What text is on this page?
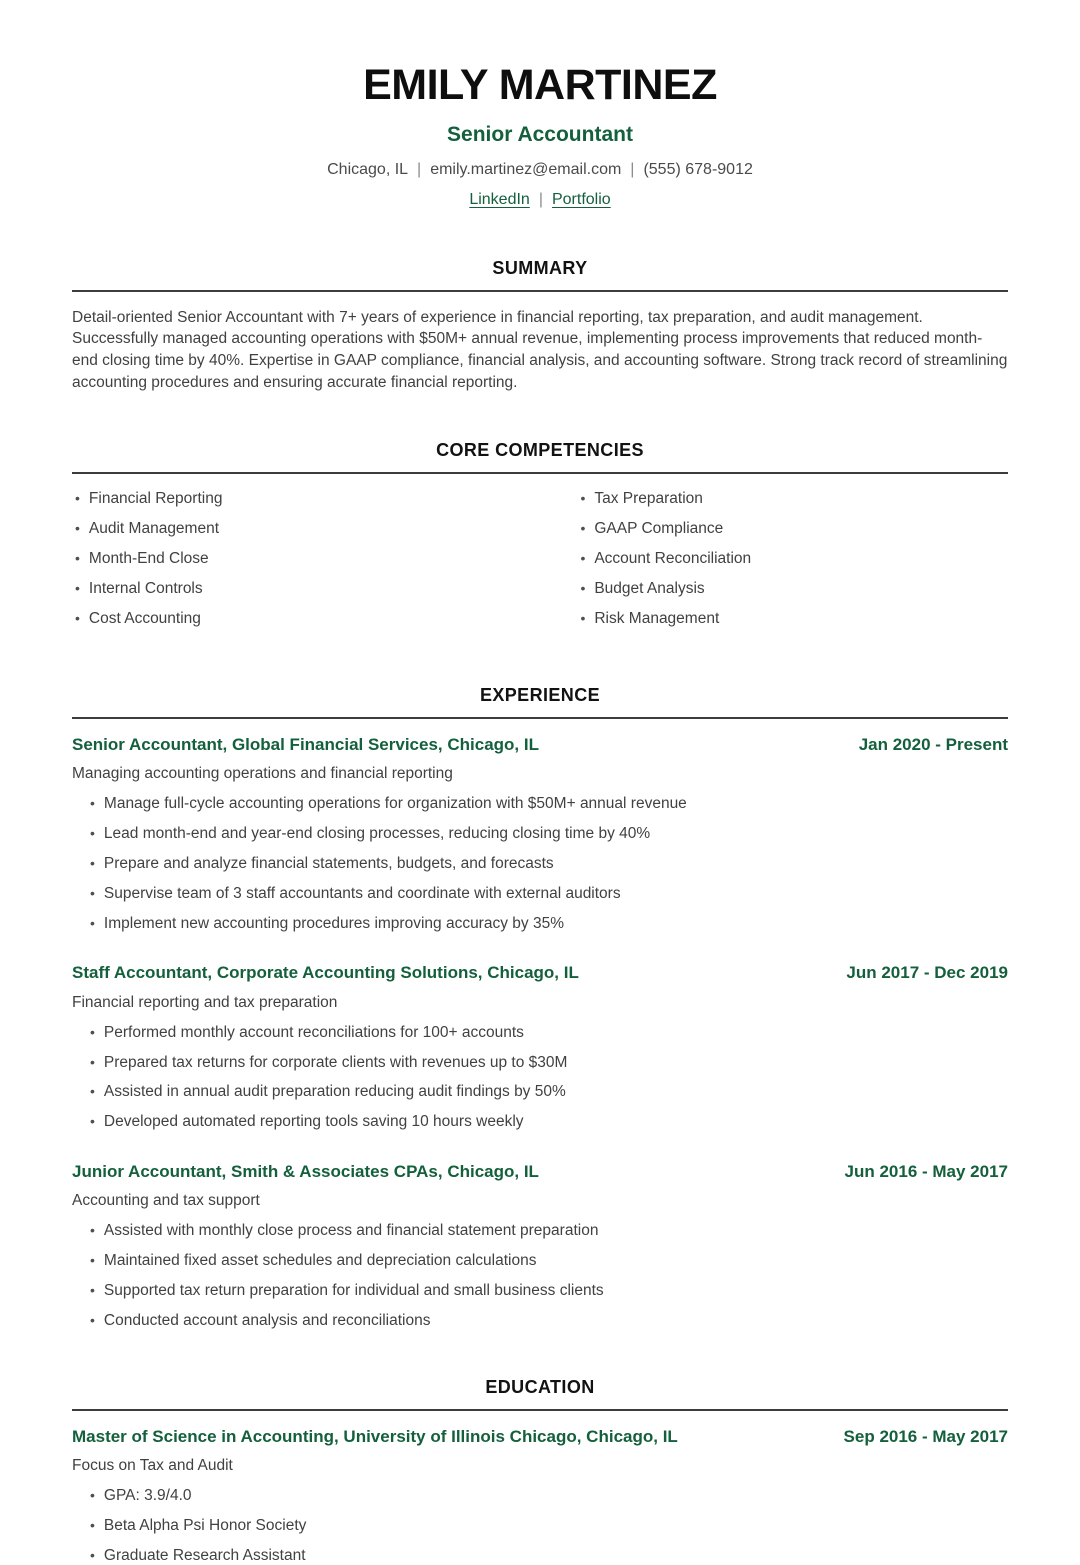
EMILY MARTINEZ
Senior Accountant

Chicago, IL | emily.martinez@email.com | (555) 678-9012

LinkedIn | Portfolio

SUMMARY

Detail-oriented Senior Accountant with 7+ years of experience in financial reporting, tax preparation, and audit management. Successfully managed accounting operations with $50M+ annual revenue, implementing process improvements that reduced month-end closing time by 40%. Expertise in GAAP compliance, financial analysis, and accounting software. Strong track record of streamlining accounting procedures and ensuring accurate financial reporting.

CORE COMPETENCIES
• Financial Reporting
• Audit Management
• Month-End Close
• Internal Controls
• Cost Accounting
• Tax Preparation
• GAAP Compliance
• Account Reconciliation
• Budget Analysis
• Risk Management
EXPERIENCE
Senior Accountant, Global Financial Services, Chicago, IL	Jan 2020 - Present

Managing accounting operations and financial reporting

• Manage full-cycle accounting operations for organization with $50M+ annual revenue
• Lead month-end and year-end closing processes, reducing closing time by 40%
• Prepare and analyze financial statements, budgets, and forecasts
• Supervise team of 3 staff accountants and coordinate with external auditors
• Implement new accounting procedures improving accuracy by 35%
Staff Accountant, Corporate Accounting Solutions, Chicago, IL	Jun 2017 - Dec 2019

Financial reporting and tax preparation

• Performed monthly account reconciliations for 100+ accounts
• Prepared tax returns for corporate clients with revenues up to $30M
• Assisted in annual audit preparation reducing audit findings by 50%
• Developed automated reporting tools saving 10 hours weekly
Junior Accountant, Smith & Associates CPAs, Chicago, IL	Jun 2016 - May 2017

Accounting and tax support

• Assisted with monthly close process and financial statement preparation
• Maintained fixed asset schedules and depreciation calculations
• Supported tax return preparation for individual and small business clients
• Conducted account analysis and reconciliations
EDUCATION
Master of Science in Accounting, University of Illinois Chicago, Chicago, IL	Sep 2016 - May 2017

Focus on Tax and Audit

• GPA: 3.9/4.0
• Beta Alpha Psi Honor Society
• Graduate Research Assistant
